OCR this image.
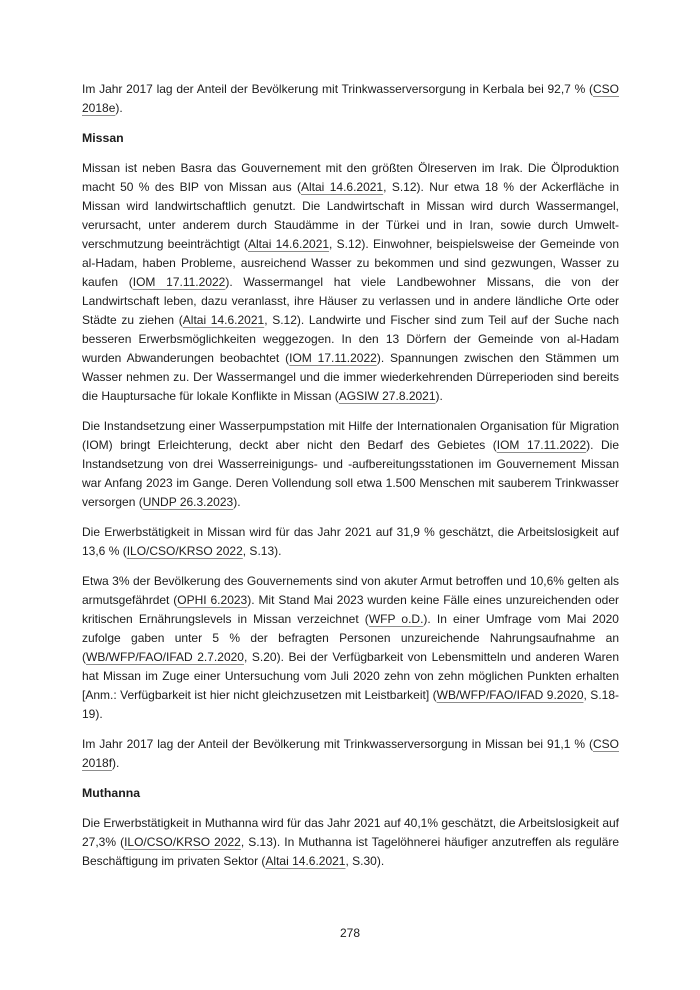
Im Jahr 2017 lag der Anteil der Bevölkerung mit Trinkwasserversorgung in Kerbala bei 92,7 % (CSO 2018e).

Missan

Missan ist neben Basra das Gouvernement mit den größten Ölreserven im Irak. Die Ölproduktion macht 50 % des BIP von Missan aus (Altai 14.6.2021, S.12). Nur etwa 18 % der Ackerfläche in Missan wird landwirtschaftlich genutzt. Die Landwirtschaft in Missan wird durch Wassermangel, verursacht, unter anderem durch Staudämme in der Türkei und in Iran, sowie durch Umweltverschmutzung beeinträchtigt (Altai 14.6.2021, S.12). Einwohner, beispielsweise der Gemeinde von al-Hadam, haben Probleme, ausreichend Wasser zu bekommen und sind gezwungen, Wasser zu kaufen (IOM 17.11.2022). Wassermangel hat viele Landbewohner Missans, die von der Landwirtschaft leben, dazu veranlasst, ihre Häuser zu verlassen und in andere ländliche Orte oder Städte zu ziehen (Altai 14.6.2021, S.12). Landwirte und Fischer sind zum Teil auf der Suche nach besseren Erwerbsmöglichkeiten weggezogen. In den 13 Dörfern der Gemeinde von al-Hadam wurden Abwanderungen beobachtet (IOM 17.11.2022). Spannungen zwischen den Stämmen um Wasser nehmen zu. Der Wassermangel und die immer wiederkehrenden Dürreperioden sind bereits die Hauptursache für lokale Konflikte in Missan (AGSIW 27.8.2021).

Die Instandsetzung einer Wasserpumpstation mit Hilfe der Internationalen Organisation für Migration (IOM) bringt Erleichterung, deckt aber nicht den Bedarf des Gebietes (IOM 17.11.2022). Die Instandsetzung von drei Wasserreinigungs- und -aufbereitungsstationen im Gouvernement Missan war Anfang 2023 im Gange. Deren Vollendung soll etwa 1.500 Menschen mit sauberem Trinkwasser versorgen (UNDP 26.3.2023).

Die Erwerbstätigkeit in Missan wird für das Jahr 2021 auf 31,9 % geschätzt, die Arbeitslosigkeit auf 13,6 % (ILO/CSO/KRSO 2022, S.13).

Etwa 3% der Bevölkerung des Gouvernements sind von akuter Armut betroffen und 10,6% gelten als armutsgefährdet (OPHI 6.2023). Mit Stand Mai 2023 wurden keine Fälle eines unzureichenden oder kritischen Ernährungslevels in Missan verzeichnet (WFP o.D.). In einer Umfrage vom Mai 2020 zufolge gaben unter 5 % der befragten Personen unzureichende Nahrungsaufnahme an (WB/WFP/FAO/IFAD 2.7.2020, S.20). Bei der Verfügbarkeit von Lebensmitteln und anderen Waren hat Missan im Zuge einer Untersuchung vom Juli 2020 zehn von zehn möglichen Punkten erhalten [Anm.: Verfügbarkeit ist hier nicht gleichzusetzen mit Leistbarkeit] (WB/WFP/FAO/IFAD 9.2020, S.18-19).

Im Jahr 2017 lag der Anteil der Bevölkerung mit Trinkwasserversorgung in Missan bei 91,1 % (CSO 2018f).

Muthanna

Die Erwerbstätigkeit in Muthanna wird für das Jahr 2021 auf 40,1% geschätzt, die Arbeitslosigkeit auf 27,3% (ILO/CSO/KRSO 2022, S.13). In Muthanna ist Tagelöhnerei häufiger anzutreffen als reguläre Beschäftigung im privaten Sektor (Altai 14.6.2021, S.30).

278
